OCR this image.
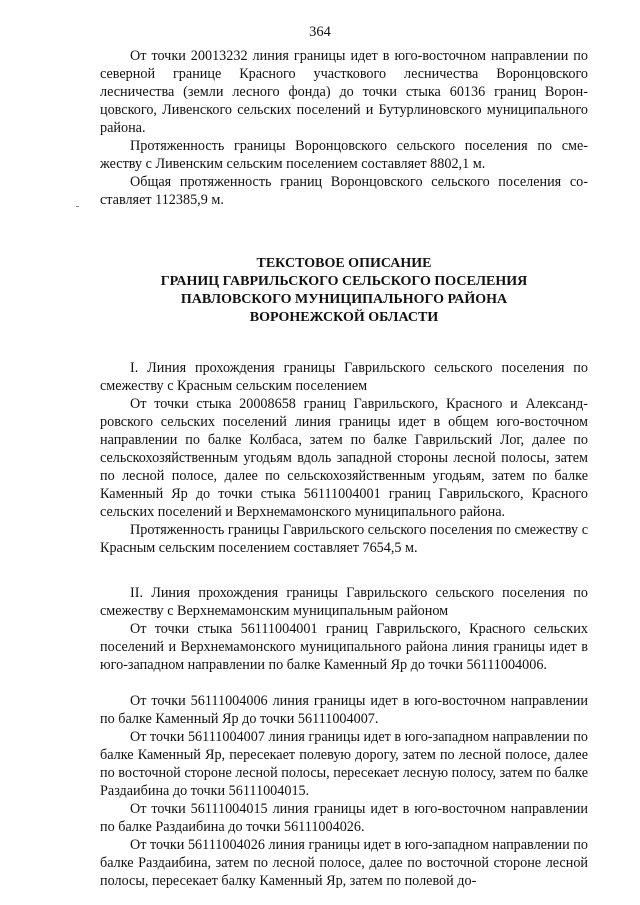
364

От точки 20013232 линия границы идет в юго-восточном направлении по северной границе Красного участкового лесничества Воронцовского лесничества (земли лесного фонда) до точки стыка 60136 границ Воронцовского, Ливенского сельских поселений и Бутурлиновского муниципального района.

Протяженность границы Воронцовского сельского поселения по смежеству с Ливенским сельским поселением составляет 8802,1 м.

Общая протяженность границ Воронцовского сельского поселения составляет 112385,9 м.

ТЕКСТОВОЕ ОПИСАНИЕ

ГРАНИЦ ГАВРИЛЬСКОГО СЕЛЬСКОГО ПОСЕЛЕНИЯ

ПАВЛОВСКОГО МУНИЦИПАЛЬНОГО РАЙОНА

ВОРОНЕЖСКОЙ ОБЛАСТИ

I. Линия прохождения границы Гаврильского сельского поселения по смежеству с Красным сельским поселением

От точки стыка 20008658 границ Гаврильского, Красного и Александровского сельских поселений линия границы идет в общем юго-восточном направлении по балке Колбаса, затем по балке Гаврильский Лог, далее по сельскохозяйственным угодьям вдоль западной стороны лесной полосы, затем по лесной полосе, далее по сельскохозяйственным угодьям, затем по балке Каменный Яр до точки стыка 56111004001 границ Гаврильского, Красного сельских поселений и Верхнемамонского муниципального района.

Протяженность границы Гаврильского сельского поселения по смежеству с Красным сельским поселением составляет 7654,5 м.

II. Линия прохождения границы Гаврильского сельского поселения по смежеству с Верхнемамонским муниципальным районом

От точки стыка 56111004001 границ Гаврильского, Красного сельских поселений и Верхнемамонского муниципального района линия границы идет в юго-западном направлении по балке Каменный Яр до точки 56111004006.

От точки 56111004006 линия границы идет в юго-восточном направлении по балке Каменный Яр до точки 56111004007.

От точки 56111004007 линия границы идет в юго-западном направлении по балке Каменный Яр, пересекает полевую дорогу, затем по лесной полосе, далее по восточной стороне лесной полосы, пересекает лесную полосу, затем по балке Раздаибина до точки 56111004015.

От точки 56111004015 линия границы идет в юго-восточном направлении по балке Раздаибина до точки 56111004026.

От точки 56111004026 линия границы идет в юго-западном направлении по балке Раздаибина, затем по лесной полосе, далее по восточной стороне лесной полосы, пересекает балку Каменный Яр, затем по полевой до-
